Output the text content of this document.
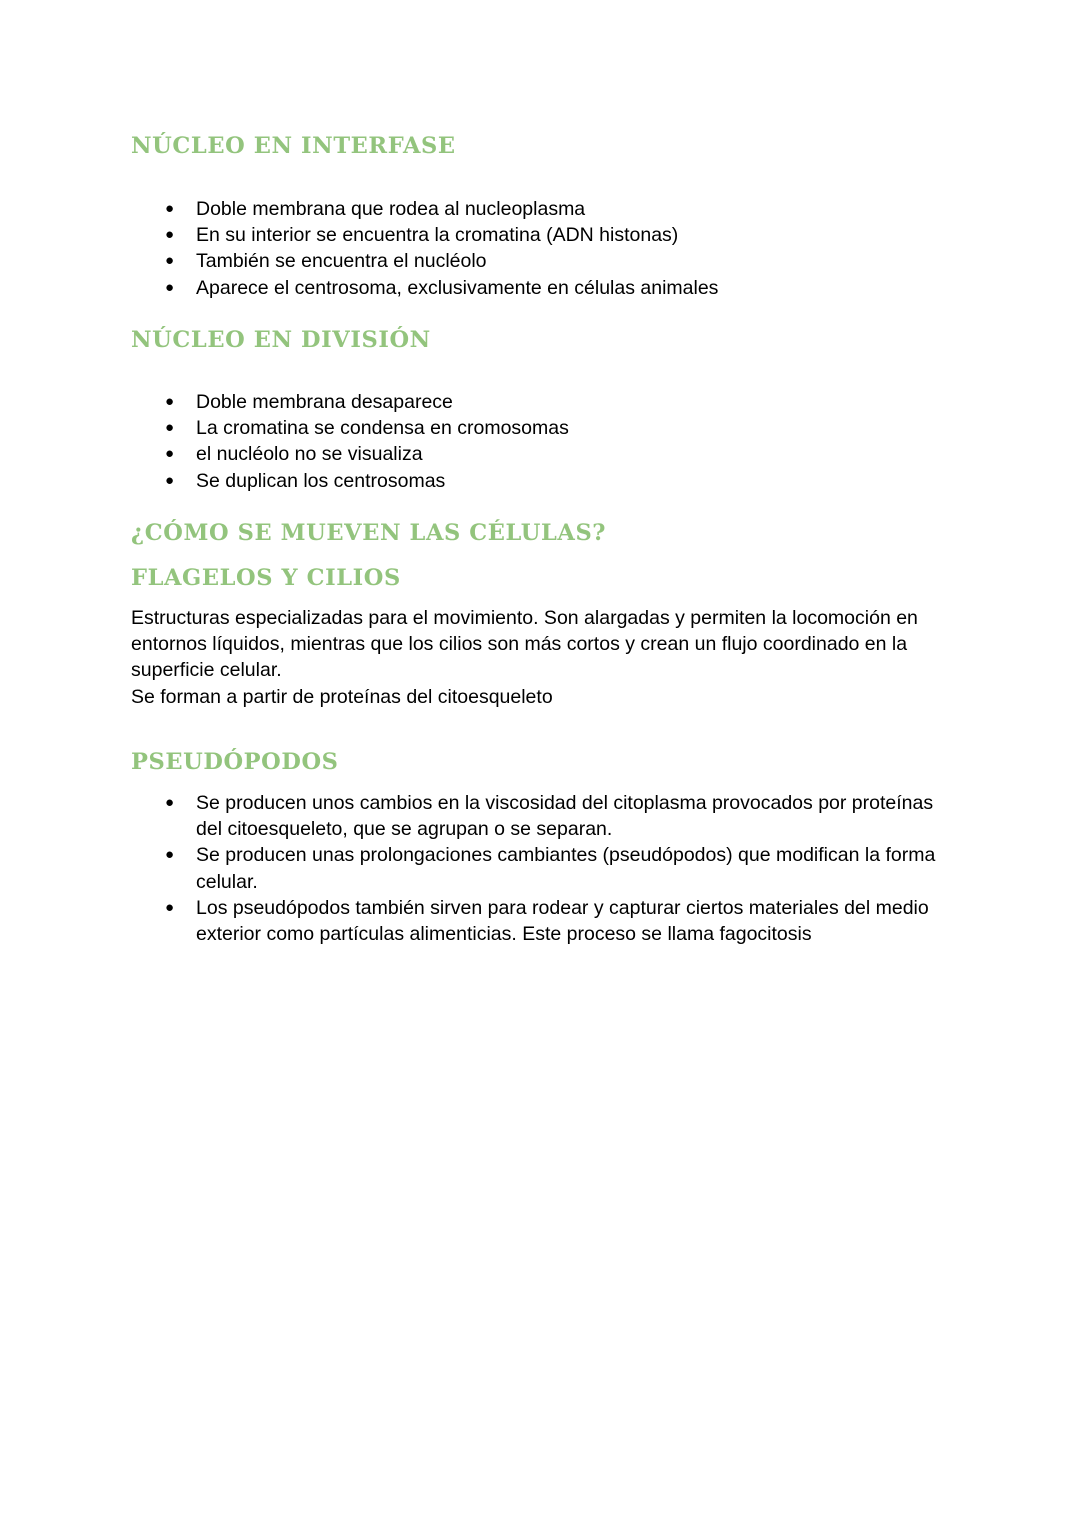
NÚCLEO EN INTERFASE
● Doble membrana que rodea al nucleoplasma
● En su interior se encuentra la cromatina (ADN histonas)
● También se encuentra el nucléolo
● Aparece el centrosoma, exclusivamente en células animales
NÚCLEO EN DIVISIÓN
● Doble membrana desaparece
● La cromatina se condensa en cromosomas
● el nucléolo no se visualiza
● Se duplican los centrosomas
¿CÓMO SE MUEVEN LAS CÉLULAS?
FLAGELOS Y CILIOS

Estructuras especializadas para el movimiento. Son alargadas y permiten la locomoción en entornos líquidos, mientras que los cilios son más cortos y crean un flujo coordinado en la superficie celular.

Se forman a partir de proteínas del citoesqueleto

PSEUDÓPODOS
● Se producen unos cambios en la viscosidad del citoplasma provocados por proteínas del citoesqueleto, que se agrupan o se separan.
● Se producen unas prolongaciones cambiantes (pseudópodos) que modifican la forma celular.
● Los pseudópodos también sirven para rodear y capturar ciertos materiales del medio exterior como partículas alimenticias. Este proceso se llama fagocitosis
